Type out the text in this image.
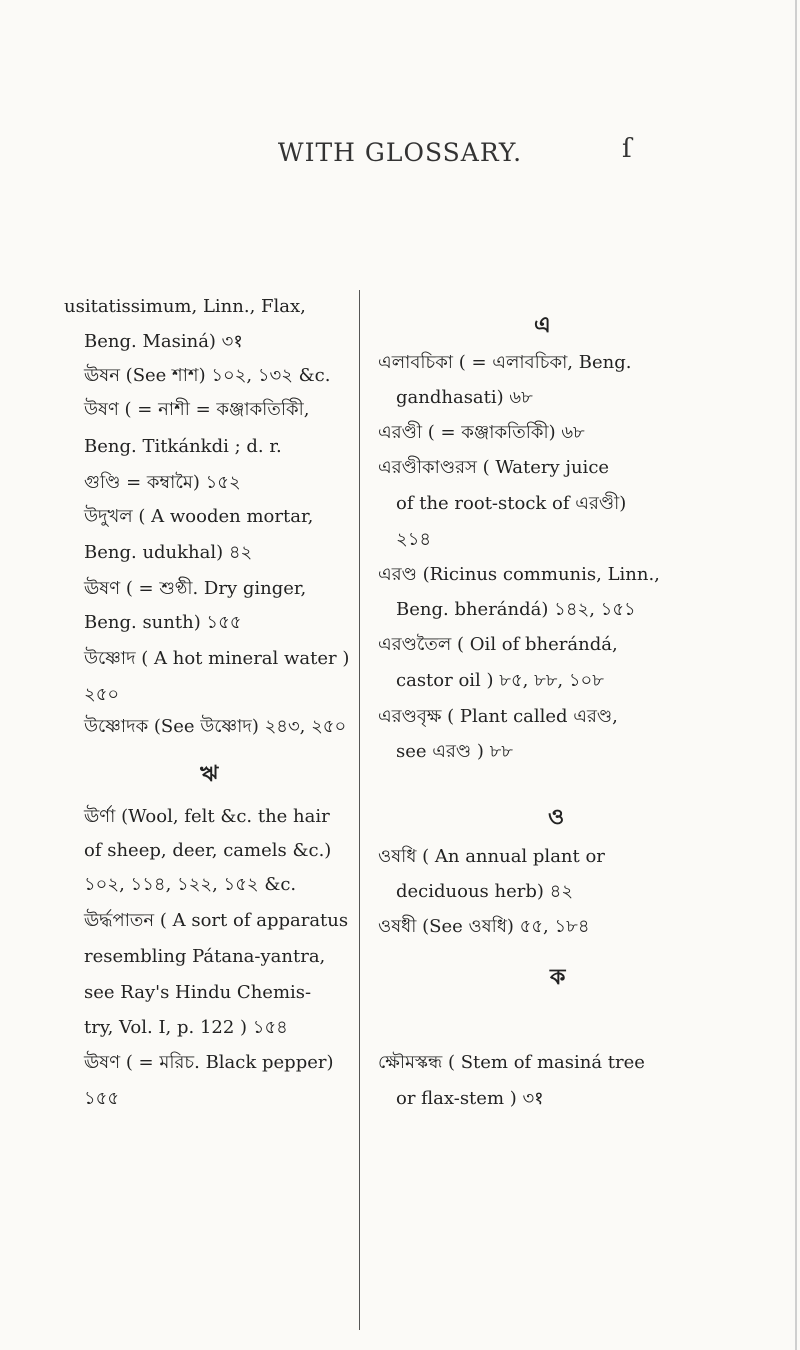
WITH GLOSSARY.	ſ
usitatissimum, Linn., Flax,
Beng. Masiná) ৩१
ঊষন (See শাশ) ১০২, ১৩২ &c.
উষণ ( = নাশী = কঞ্জাকতিকিী,
Beng. Titkánkdi ; d. r.
গুণ্ডি = কম্বামৈ) ১৫২
উদুখল ( A wooden mortar,
Beng. udukhal) ৪২
ঊষণ ( = শুণ্ঠী. Dry ginger,
Beng. sunth) ১৫৫
উষ্ণোদ ( A hot mineral water )
২৫০
উষ্ণোদক (See উষ্ণোদ) ২৪৩, ২৫০
ঋ
ঊর্ণা (Wool, felt &c. the hair
of sheep, deer, camels &c.)
১০২, ১১৪, ১২২, ১৫২ &c.
ঊর্দ্ধপাতন ( A sort of apparatus
resembling Pátana-yantra,
see Ray's Hindu Chemis-
try, Vol. I, p. 122 ) ১৫৪
ঊষণ ( = মরিচ. Black pepper)
১৫৫
এ
এলাবচিকা ( = এলাবচিকা, Beng.
gandhasati) ৬৮
এরণ্ডী ( = কঞ্জাকতিকিী) ৬৮
এরণ্ডীকাণ্ডরস ( Watery juice
of the root-stock of এরণ্ডী)
২১৪
এরণ্ড (Ricinus communis, Linn.,
Beng. bherándá) ১৪২, ১৫১
এরণ্ডতৈল ( Oil of bherándá,
castor oil ) ৮৫, ৮৮, ১০৮
এরণ্ডবৃক্ষ ( Plant called এরণ্ড,
see এরণ্ড ) ৮৮
ও
ওষধি ( An annual plant or
deciduous herb) ৪২
ওষধী (See ওষধি) ৫৫, ১৮৪
ক
ক্ষৌমস্কন্ধ ( Stem of masiná tree
or flax-stem ) ৩१
